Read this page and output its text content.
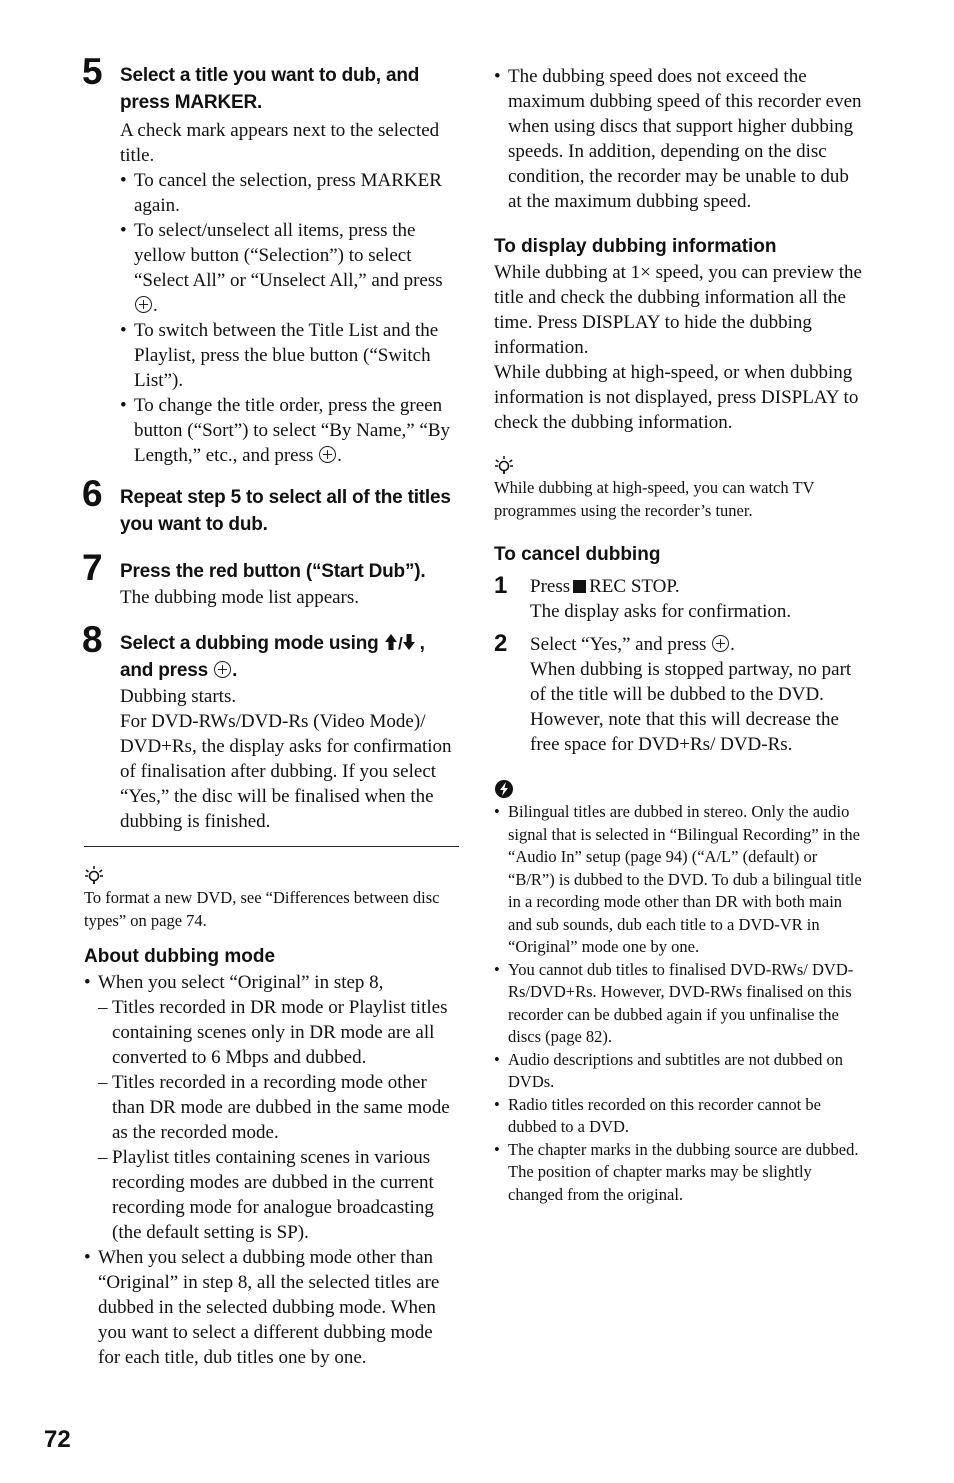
5 Select a title you want to dub, and
press MARKER.
A check mark appears next to the selected title.
• To cancel the selection, press MARKER again.
• To select/unselect all items, press the yellow button (“Selection”) to select “Select All” or “Unselect All,” and press .
• To switch between the Title List and the Playlist, press the blue button (“Switch List”).
• To change the title order, press the green button (“Sort”) to select “By Name,” “By Length,” etc., and press .
6 Repeat step 5 to select all of the titles
you want to dub.
7 Press the red button (“Start Dub”).
The dubbing mode list appears.
8 Select a dubbing mode using / ,
and press .
Dubbing starts.
For DVD-RWs/DVD-Rs (Video Mode)/ DVD+Rs, the display asks for confirmation of finalisation after dubbing. If you select “Yes,” the disc will be finalised when the dubbing is finished.
To format a new DVD, see “Differences between disc types” on page 74.
About dubbing mode
• When you select “Original” in step 8,
– Titles recorded in DR mode or Playlist titles containing scenes only in DR mode are all converted to 6 Mbps and dubbed.
– Titles recorded in a recording mode other than DR mode are dubbed in the same mode as the recorded mode.
– Playlist titles containing scenes in various recording modes are dubbed in the current recording mode for analogue broadcasting (the default setting is SP).
• When you select a dubbing mode other than “Original” in step 8, all the selected titles are dubbed in the selected dubbing mode. When you want to select a different dubbing mode for each title, dub titles one by one.
• The dubbing speed does not exceed the maximum dubbing speed of this recorder even when using discs that support higher dubbing speeds. In addition, depending on the disc condition, the recorder may be unable to dub at the maximum dubbing speed.
To display dubbing information
While dubbing at 1× speed, you can preview the title and check the dubbing information all the time. Press DISPLAY to hide the dubbing information.
While dubbing at high-speed, or when dubbing information is not displayed, press DISPLAY to check the dubbing information.
While dubbing at high-speed, you can watch TV programmes using the recorder’s tuner.
To cancel dubbing
1 Press REC STOP.
The display asks for confirmation.
2 Select “Yes,” and press .
When dubbing is stopped partway, no part of the title will be dubbed to the DVD. However, note that this will decrease the free space for DVD+Rs/ DVD-Rs.
• Bilingual titles are dubbed in stereo. Only the audio signal that is selected in “Bilingual Recording” in the “Audio In” setup (page 94) (“A/L” (default) or “B/R”) is dubbed to the DVD. To dub a bilingual title in a recording mode other than DR with both main and sub sounds, dub each title to a DVD-VR in “Original” mode one by one.
• You cannot dub titles to finalised DVD-RWs/ DVD-Rs/DVD+Rs. However, DVD-RWs finalised on this recorder can be dubbed again if you unfinalise the discs (page 82).
• Audio descriptions and subtitles are not dubbed on DVDs.
• Radio titles recorded on this recorder cannot be dubbed to a DVD.
• The chapter marks in the dubbing source are dubbed. The position of chapter marks may be slightly changed from the original.
72
